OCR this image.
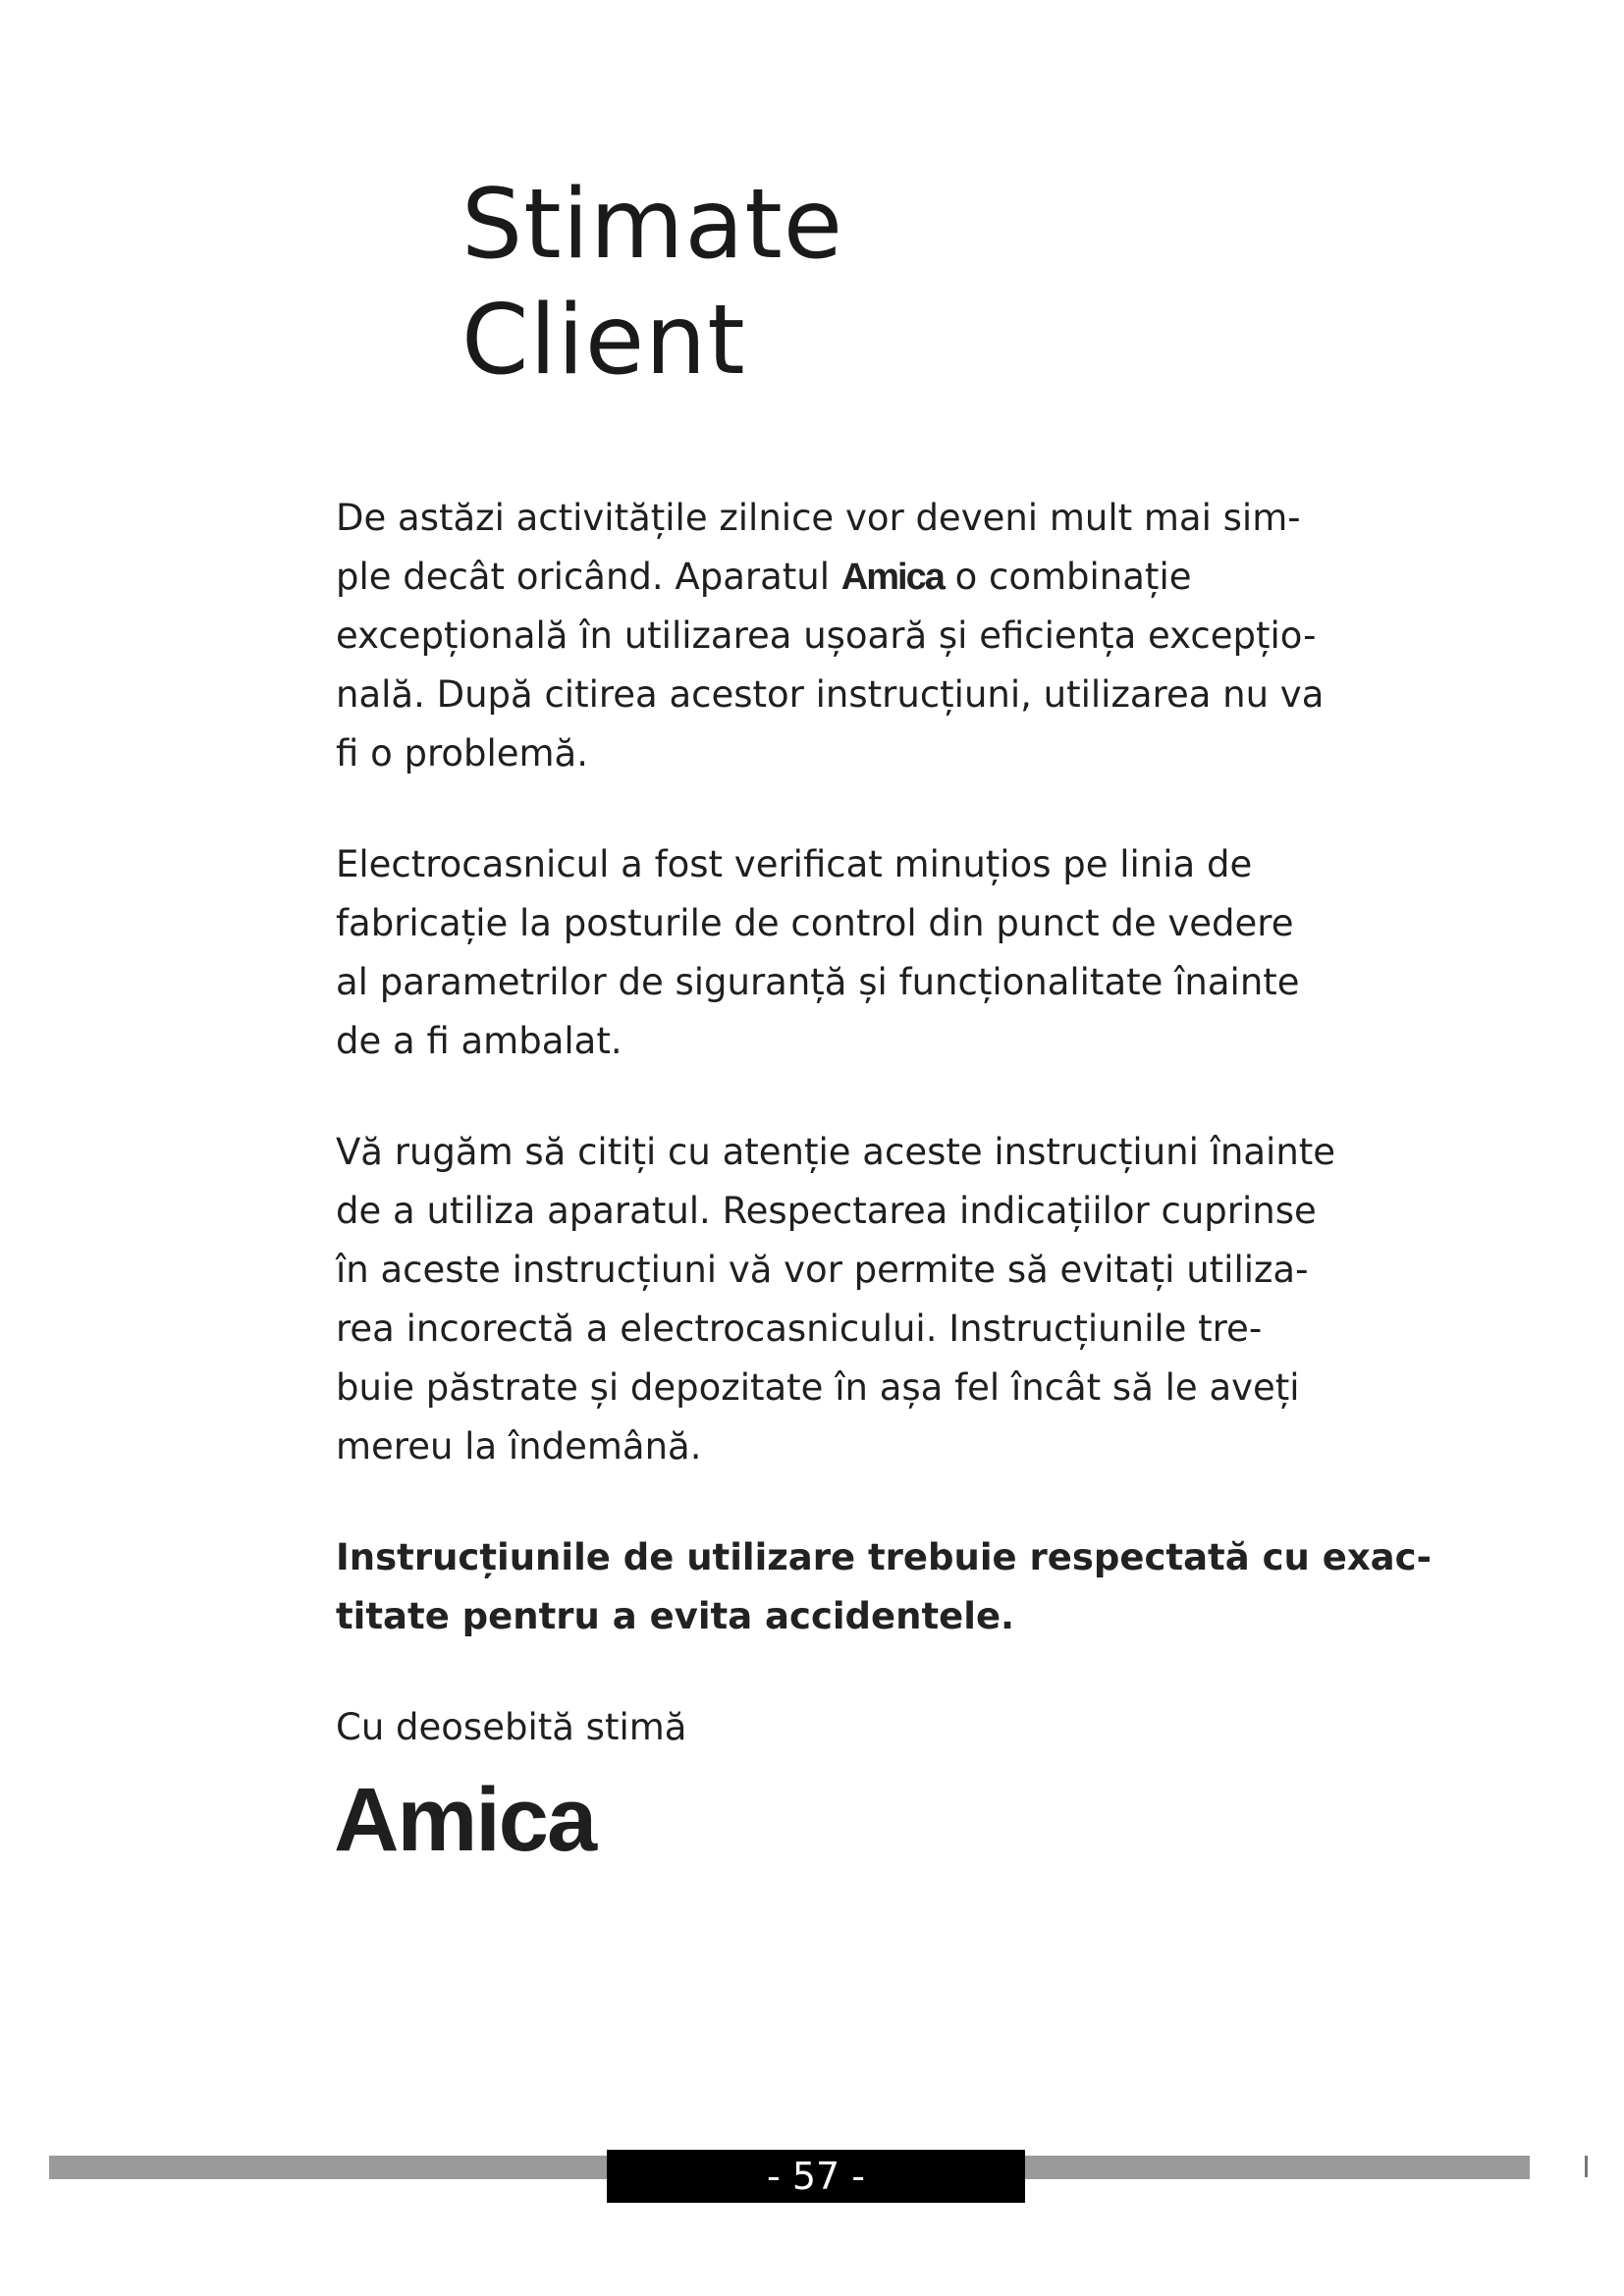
Stimate
Client

De astăzi activitățile zilnice vor deveni mult mai sim-
ple decât oricând. Aparatul Amica o combinație
excepțională în utilizarea ușoară și eficiența excepțio-
nală. După citirea acestor instrucțiuni, utilizarea nu va
fi o problemă.

Electrocasnicul a fost verificat minuțios pe linia de
fabricație la posturile de control din punct de vedere
al parametrilor de siguranță și funcționalitate înainte
de a fi ambalat.

Vă rugăm să citiți cu atenție aceste instrucțiuni înainte
de a utiliza aparatul. Respectarea indicațiilor cuprinse
în aceste instrucțiuni vă vor permite să evitați utiliza-
rea incorectă a electrocasnicului. Instrucțiunile tre-
buie păstrate și depozitate în așa fel încât să le aveți
mereu la îndemână.

Instrucțiunile de utilizare trebuie respectată cu exac-
titate pentru a evita accidentele.

Cu deosebită stimă

Amica
- 57 -
